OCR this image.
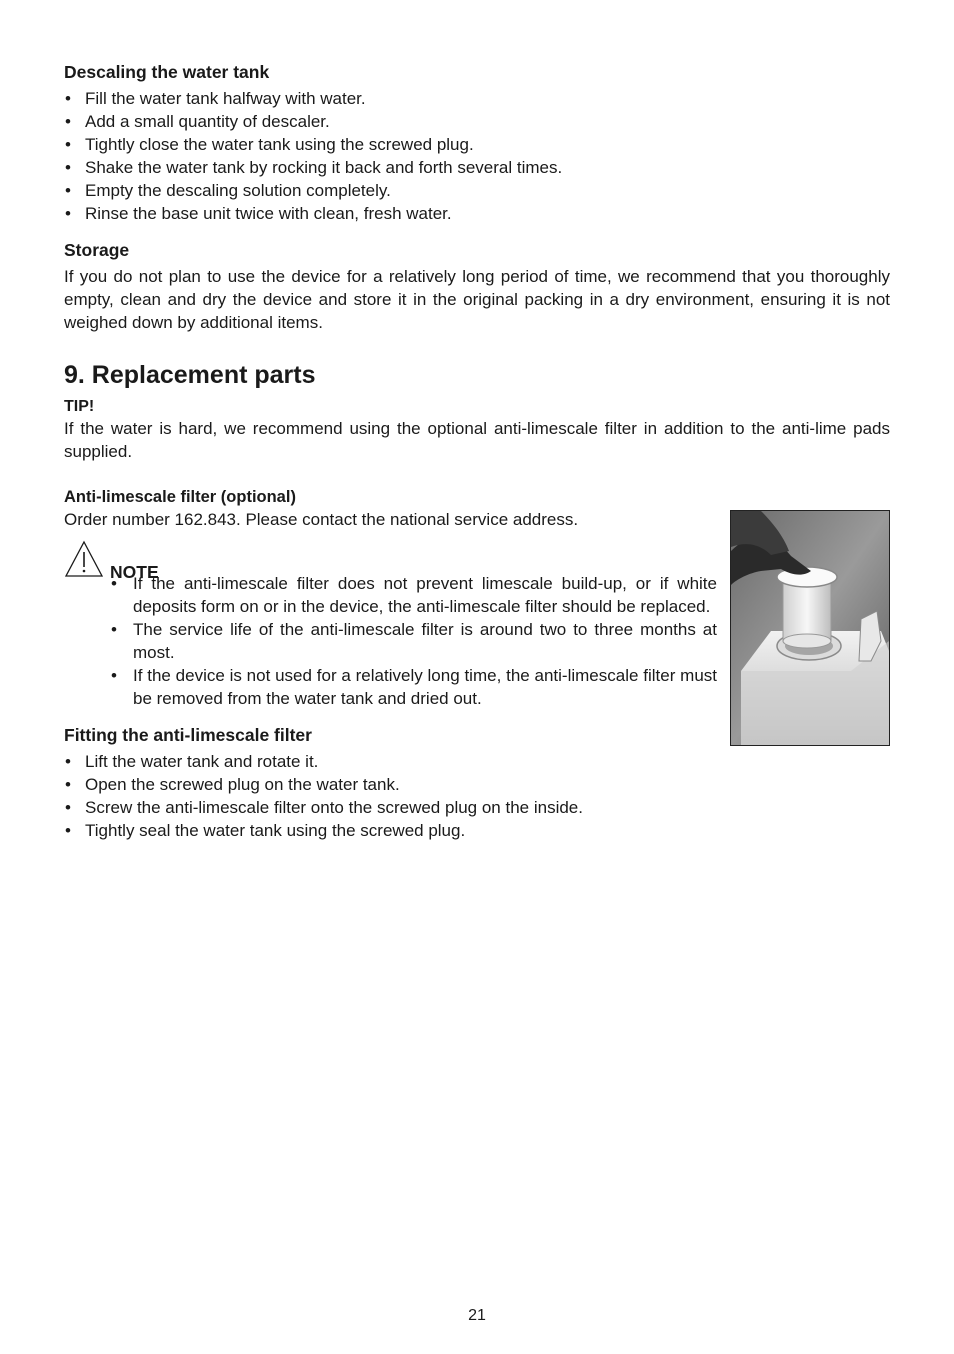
Descaling the water tank
• Fill the water tank halfway with water.
• Add a small quantity of descaler.
• Tightly close the water tank using the screwed plug.
• Shake the water tank by rocking it back and forth several times.
• Empty the descaling solution completely.
• Rinse the base unit twice with clean, fresh water.
Storage

If you do not plan to use the device for a relatively long period of time, we recommend that you thoroughly empty, clean and dry the device and store it in the original packing in a dry environment, ensuring it is not weighed down by additional items.

9. Replacement parts

TIP!

If the water is hard, we recommend using the optional anti-limescale filter in addition to the anti-lime pads supplied.

Anti-limescale filter (optional)

Order number 162.843. Please contact the national service address.

NOTE
• If the anti-limescale filter does not prevent limescale build-up, or if white deposits form on or in the device, the anti-limescale filter should be replaced.
• The service life of the anti-limescale filter is around two to three months at most.
• If the device is not used for a relatively long time, the anti-limescale filter must be removed from the water tank and dried out.
Fitting the anti-limescale filter
• Lift the water tank and rotate it.
• Open the screwed plug on the water tank.
• Screw the anti-limescale filter onto the screwed plug on the inside.
• Tightly seal the water tank using the screwed plug.
21
